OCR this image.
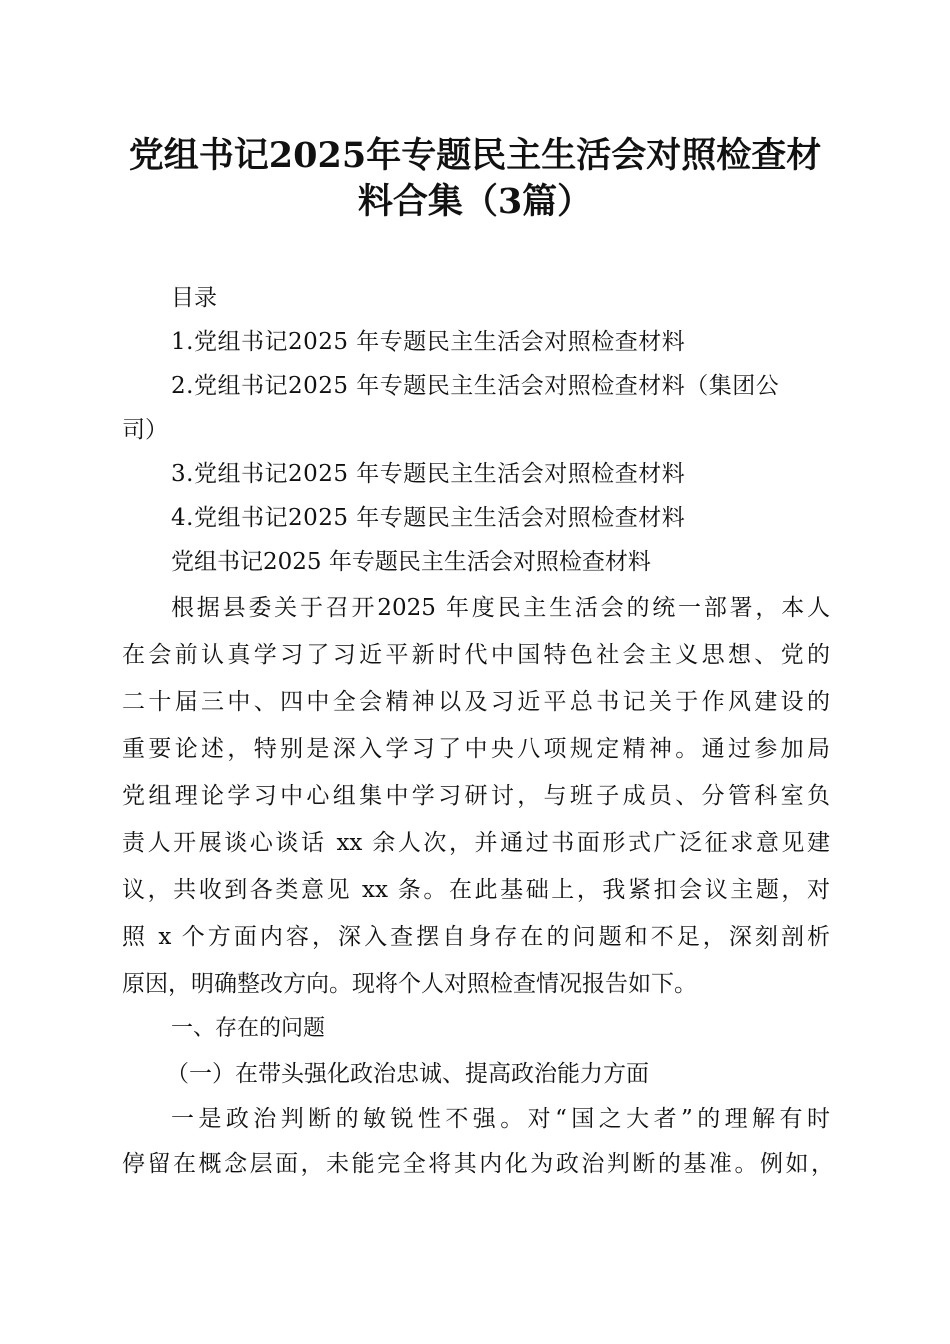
党组书记2025年专题民主生活会对照检查材
料合集（3篇）

目录

1.党组书记2025 年专题民主生活会对照检查材料

2.党组书记2025 年专题民主生活会对照检查材料（集团公

司）

3.党组书记2025 年专题民主生活会对照检查材料

4.党组书记2025 年专题民主生活会对照检查材料

党组书记2025 年专题民主生活会对照检查材料

根据县委关于召开2025 年度民主生活会的统一部署，本人

在会前认真学习了习近平新时代中国特色社会主义思想、党的

二十届三中、四中全会精神以及习近平总书记关于作风建设的

重要论述，特别是深入学习了中央八项规定精神。通过参加局

党组理论学习中心组集中学习研讨，与班子成员、分管科室负

责人开展谈心谈话 xx 余人次，并通过书面形式广泛征求意见建

议，共收到各类意见 xx 条。在此基础上，我紧扣会议主题，对

照 x 个方面内容，深入查摆自身存在的问题和不足，深刻剖析

原因，明确整改方向。现将个人对照检查情况报告如下。

一、存在的问题

（一）在带头强化政治忠诚、提高政治能力方面

一是政治判断的敏锐性不强。对“国之大者”的理解有时

停留在概念层面，未能完全将其内化为政治判断的基准。例如，
